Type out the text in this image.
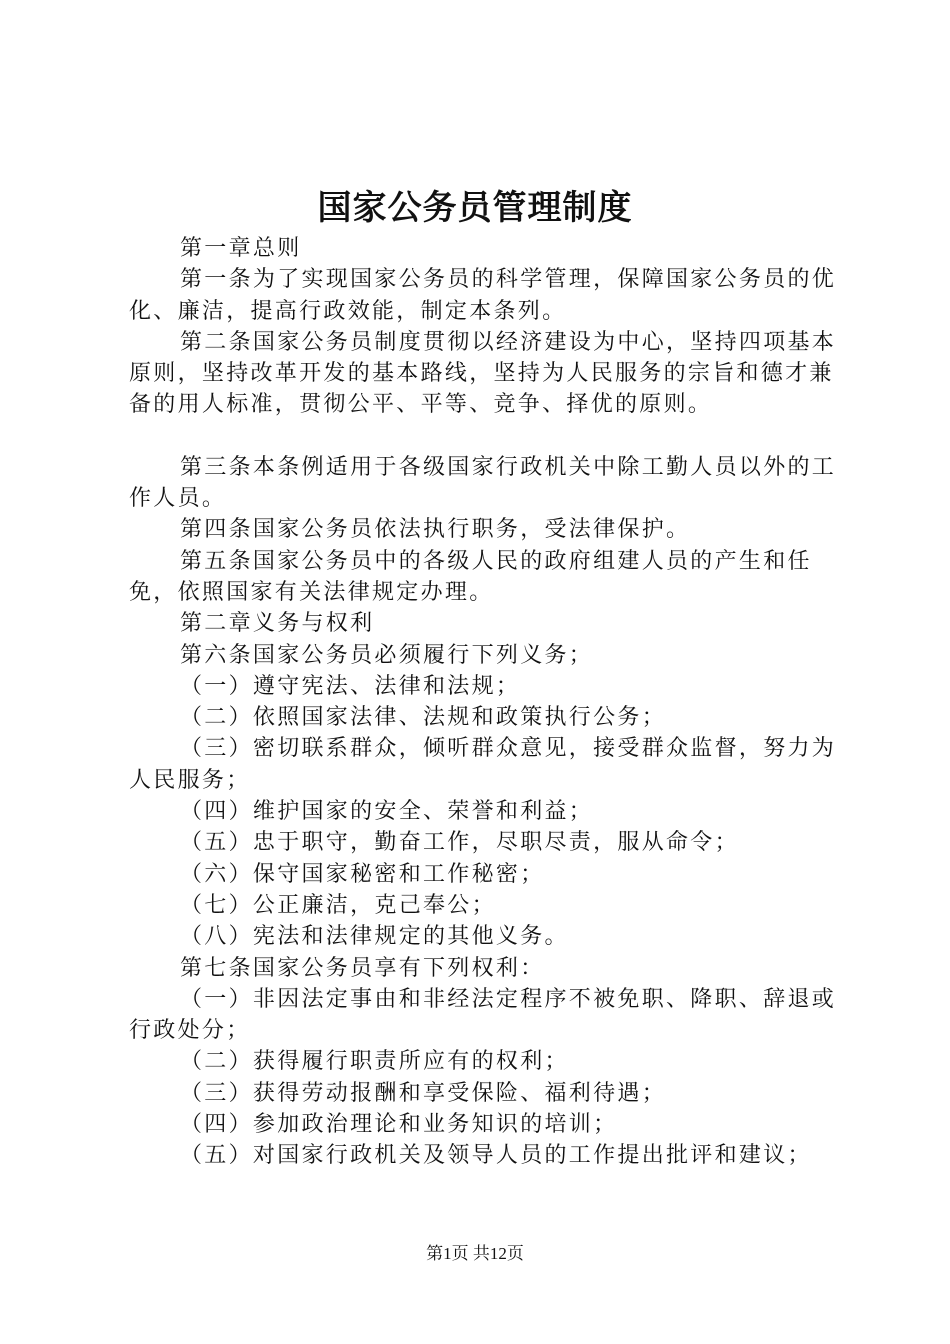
国家公务员管理制度

第一章总则

第一条为了实现国家公务员的科学管理，保障国家公务员的优化、廉洁，提高行政效能，制定本条列。

第二条国家公务员制度贯彻以经济建设为中心，坚持四项基本原则，坚持改革开发的基本路线，坚持为人民服务的宗旨和德才兼备的用人标准，贯彻公平、平等、竞争、择优的原则。

第三条本条例适用于各级国家行政机关中除工勤人员以外的工作人员。

第四条国家公务员依法执行职务，受法律保护。

第五条国家公务员中的各级人民的政府组建人员的产生和任免，依照国家有关法律规定办理。

第二章义务与权利

第六条国家公务员必须履行下列义务；

（一）遵守宪法、法律和法规；

（二）依照国家法律、法规和政策执行公务；

（三）密切联系群众，倾听群众意见，接受群众监督，努力为人民服务；

（四）维护国家的安全、荣誉和利益；

（五）忠于职守，勤奋工作，尽职尽责，服从命令；

（六）保守国家秘密和工作秘密；

（七）公正廉洁，克己奉公；

（八）宪法和法律规定的其他义务。

第七条国家公务员享有下列权利：

（一）非因法定事由和非经法定程序不被免职、降职、辞退或行政处分；

（二）获得履行职责所应有的权利；

（三）获得劳动报酬和享受保险、福利待遇；

（四）参加政治理论和业务知识的培训；

（五）对国家行政机关及领导人员的工作提出批评和建议；

第1页 共12页
